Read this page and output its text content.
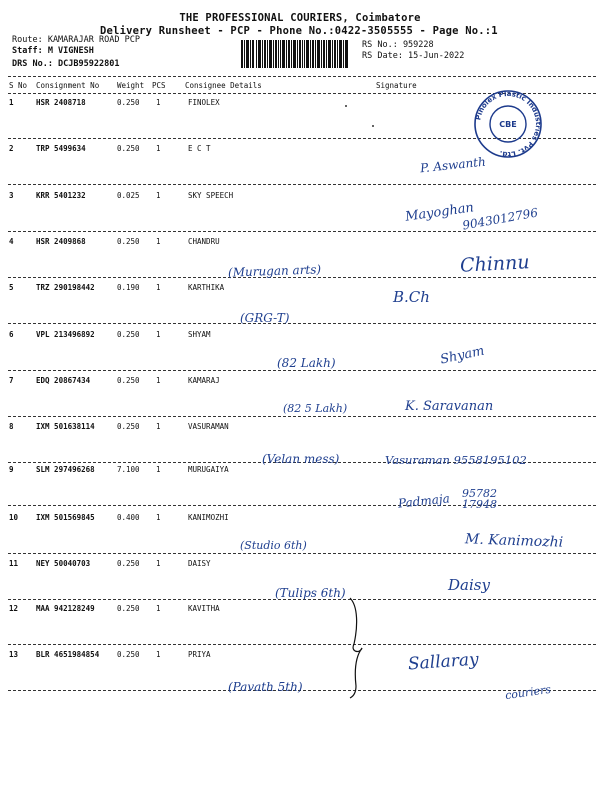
THE PROFESSIONAL COURIERS, Coimbatore
Delivery Runsheet - PCP - Phone No.:0422-3505555 - Page No.:1
Route: KAMARAJAR ROAD PCP
Staff: M VIGNESH
DRS No.: DCJB95922801
RS No.: 959228
RS Date: 15-Jun-2022
S No Consignment No Weight PCS	Consignee Details	Signature
1	HSR 2408718	0.250 1	FINOLEX
2	TRP 5499634	0.250 1	E C T
3	KRR 5401232	0.025 1	SKY SPEECH
4	HSR 2409868	0.250 1	CHANDRU
5	TRZ 290198442	0.190 1	KARTHIKA
6	VPL 213496892	0.250 1	SHYAM
7	EDQ 20867434	0.250 1	KAMARAJ
8	IXM 501638114	0.250 1	VASURAMAN
9	SLM 297496268	7.100 1	MURUGAIYA
10 IXM 501569845	0.400 1	KANIMOZHI
11 NEY 50040703	0.250 1	DAISY
12 MAA 942128249	0.250 1	KAVITHA
13 BLR 4651984854 0.250 1	PRIYA
Pinolex Plastic Industries Pvt. Ltd.
CBE
P. Aswanth
Mayoghan
9043012796
Chinnu
(Murugan arts)
B.Ch
(GRG-T)
(82 Lakh)	Shyam
(82 5 Lakh)	K. Saravanan
(Velan mess)	Vasuraman 9558195102
Padmaja 95782 17948
(Studio 6th)	M. Kanimozhi
(Tulips 6th)	Daisy
Sallaray
(Pavath 5th)	couriers
